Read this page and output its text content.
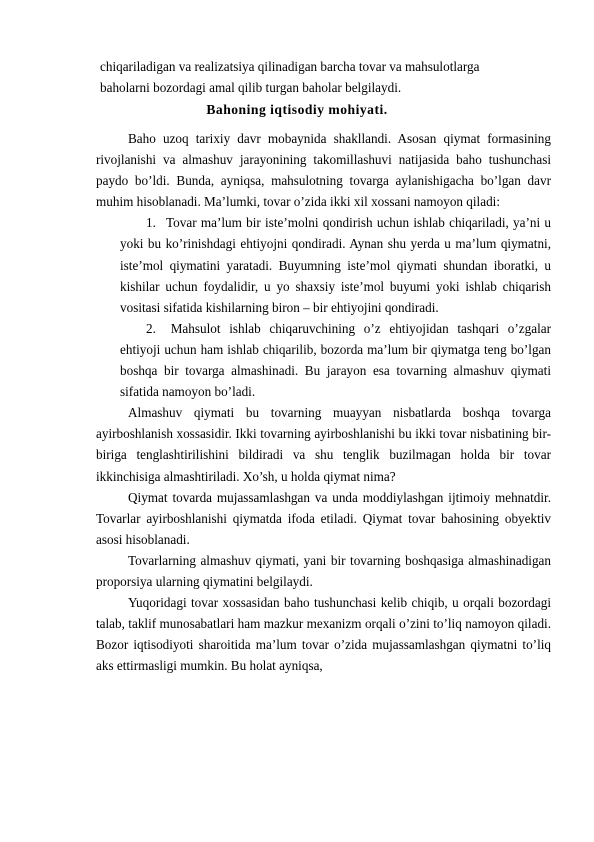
chiqariladigan va realizatsiya qilinadigan barcha tovar va mahsulotlarga
baholarni bozordagi amal qilib turgan baholar belgilaydi.
Bahoning iqtisodiy mohiyati.

Baho uzoq tarixiy davr mobaynida shakllandi. Asosan qiymat formasining rivojlanishi va almashuv jarayonining takomillashuvi natijasida baho tushunchasi paydo bo’ldi. Bunda, ayniqsa, mahsulotning tovarga aylanishigacha bo’lgan davr muhim hisoblanadi. Ma’lumki, tovar o’zida ikki xil xossani namoyon qiladi:

1. Tovar ma’lum bir iste’molni qondirish uchun ishlab chiqariladi, ya’ni u yoki bu ko’rinishdagi ehtiyojni qondiradi. Aynan shu yerda u ma’lum qiymatni, iste’mol qiymatini yaratadi. Buyumning iste’mol qiymati shundan iboratki, u kishilar uchun foydalidir, u yo shaxsiy iste’mol buyumi yoki ishlab chiqarish vositasi sifatida kishilarning biron – bir ehtiyojini qondiradi.
2. Mahsulot ishlab chiqaruvchining o’z ehtiyojidan tashqari o’zgalar ehtiyoji uchun ham ishlab chiqarilib, bozorda ma’lum bir qiymatga teng bo’lgan boshqa bir tovarga almashinadi. Bu jarayon esa tovarning almashuv qiymati sifatida namoyon bo’ladi.

Almashuv qiymati bu tovarning muayyan nisbatlarda boshqa tovarga ayirboshlanish xossasidir. Ikki tovarning ayirboshlanishi bu ikki tovar nisbatining bir-biriga tenglashtirilishini bildiradi va shu tenglik buzilmagan holda bir tovar ikkinchisiga almashtiriladi. Xo’sh, u holda qiymat nima?

Qiymat tovarda mujassamlashgan va unda moddiylashgan ijtimoiy mehnatdir. Tovarlar ayirboshlanishi qiymatda ifoda etiladi. Qiymat tovar bahosining obyektiv asosi hisoblanadi.

Tovarlarning almashuv qiymati, yani bir tovarning boshqasiga almashinadigan proporsiya ularning qiymatini belgilaydi.

Yuqoridagi tovar xossasidan baho tushunchasi kelib chiqib, u orqali bozordagi talab, taklif munosabatlari ham mazkur mexanizm orqali o’zini to’liq namoyon qiladi. Bozor iqtisodiyoti sharoitida ma’lum tovar o’zida mujassamlashgan qiymatni to’liq aks ettirmasligi mumkin. Bu holat ayniqsa,
